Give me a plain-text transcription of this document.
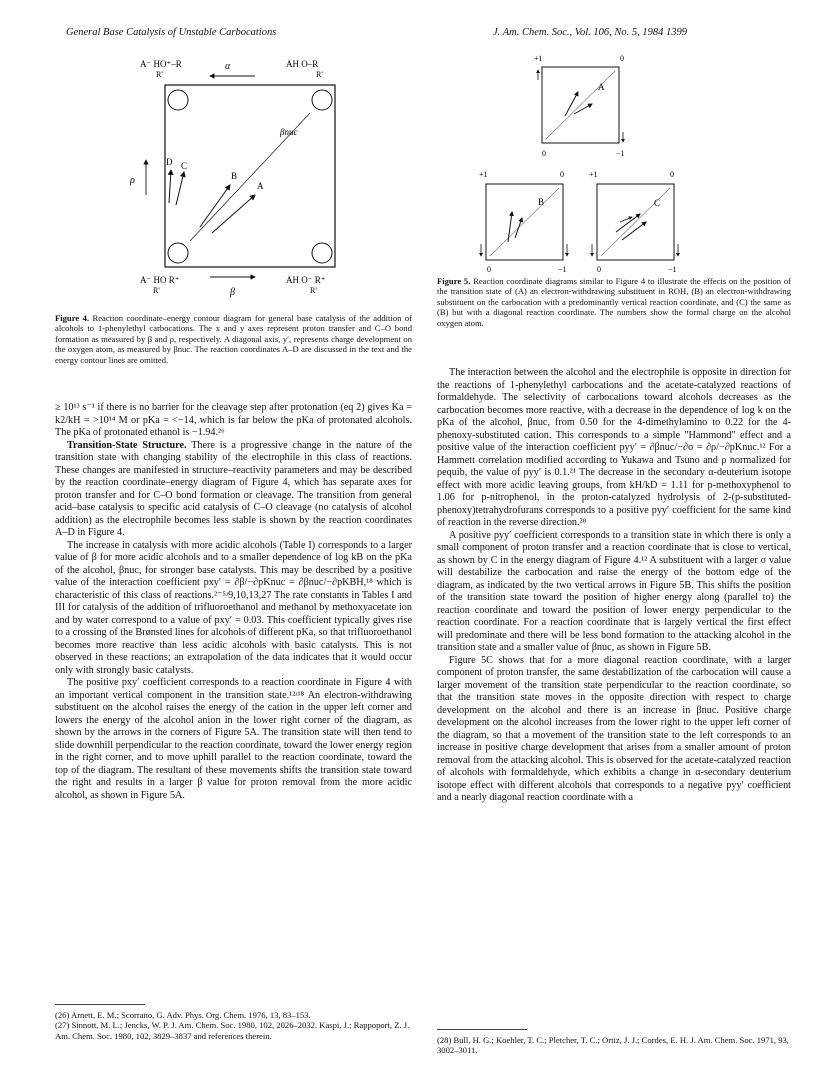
General Base Catalysis of Unstable Carbocations	J. Am. Chem. Soc., Vol. 106, No. 5, 1984 1399
A⁻ HO⁺–R
R'
α	AH O–R
R'
βnuc
ρ
D C
B
A
A⁻ HO R⁺
R'	β
AH O⁻ R⁺
R'
Figure 4. Reaction coordinate–energy contour diagram for general base catalysis of the addition of alcohols to 1-phenylethyl carbocations. The x and y axes represent proton transfer and C–O bond formation as measured by β and ρ, respectively. A diagonal axis, y′, represents charge development on the oxygen atom, as measured by βnuc. The reaction coordinates A–D are discussed in the text and the energy contour lines are omitted.
+1	0
A
0	−1
+1	0
B
0	−1
+1	0
C
0	−1
Figure 5. Reaction coordinate diagrams similar to Figure 4 to illustrate the effects on the position of the transition state of (A) an electron-withdrawing substituent in ROH, (B) an electron-withdrawing substituent on the carbocation with a predominantly vertical reaction coordinate, and (C) the same as (B) but with a diagonal reaction coordinate. The numbers show the formal charge on the alcohol oxygen atom.

≥ 10¹³ s⁻¹ if there is no barrier for the cleavage step after protonation (eq 2) gives Ka = k2/kH = >10¹⁴ M or pKa = <−14, which is far below the pKa of protonated alcohols. The pKa of protonated ethanol is −1.94.²⁶

Transition-State Structure. There is a progressive change in the nature of the transition state with changing stability of the electrophile in this class of reactions. These changes are manifested in structure–reactivity parameters and may be described by the reaction coordinate–energy diagram of Figure 4, which has separate axes for proton transfer and for C–O bond formation or cleavage. The transition from general acid–base catalysis to specific acid catalysis of C–O cleavage (no catalysis of alcohol addition) as the electrophile becomes less stable is shown by the reaction coordinates A–D in Figure 4.

The increase in catalysis with more acidic alcohols (Table I) corresponds to a larger value of β for more acidic alcohols and to a smaller dependence of log kB on the pKa of the alcohol, βnuc, for stronger base catalysts. This may be described by a positive value of the interaction coefficient pxy′ = ∂β/−∂pKnuc = ∂βnuc/−∂pKBH,¹⁸ which is characteristic of this class of reactions.²⁻⁵ʴ9,10,13,27 The rate constants in Tables I and III for catalysis of the addition of trifluoroethanol and methanol by methoxyacetate ion and by water correspond to a value of pxy′ = 0.03. This coefficient typically gives rise to a crossing of the Brønsted lines for alcohols of different pKa, so that trifluoroethanol becomes more reactive than less acidic alcohols with basic catalysts. This is not observed in these reactions; an extrapolation of the data indicates that it would occur only with strongly basic catalysts.

The positive pxy′ coefficient corresponds to a reaction coordinate in Figure 4 with an important vertical component in the transition state.¹²ʴ¹⁸ An electron-withdrawing substituent on the alcohol raises the energy of the cation in the upper left corner and lowers the energy of the alcohol anion in the lower right corner of the diagram, as shown by the arrows in the corners of Figure 5A. The transition state will then tend to slide downhill perpendicular to the reaction coordinate, toward the lower energy region in the right corner, and to move uphill parallel to the reaction coordinate, toward the top of the diagram. The resultant of these movements shifts the transition state toward the right and results in a larger β value for proton removal from the more acidic alcohol, as shown in Figure 5A.

(26) Arnett, E. M.; Scorrano, G. Adv. Phys. Org. Chem. 1976, 13, 83–153.
(27) Sinnott, M. L.; Jencks, W. P. J. Am. Chem. Soc. 1980, 102, 2026–2032. Kaspi, J.; Rappoport, Z. J. Am. Chem. Soc. 1980, 102, 3829–3837 and references therein.

The interaction between the alcohol and the electrophile is opposite in direction for the reactions of 1-phenylethyl carbocations and the acetate-catalyzed reactions of formaldehyde. The selectivity of carbocations toward alcohols decreases as the carbocation becomes more reactive, with a decrease in the dependence of log k on the pKa of the alcohol, βnuc, from 0.50 for the 4-dimethylamino to 0.22 for the 4-phenoxy-substituted cation. This corresponds to a simple "Hammond" effect and a positive value of the interaction coefficient pyy′ = ∂βnuc/−∂σ = ∂ρ/−∂pKnuc.¹² For a Hammett correlation modified according to Yukawa and Tsuno and ρ normalized for ρequib, the value of pyy′ is 0.1.²¹ The decrease in the secondary α-deuterium isotope effect with more acidic leaving groups, from kH/kD = 1.11 for p-methoxyphenol to 1.06 for p-nitrophenol, in the proton-catalyzed hydrolysis of 2-(p-substituted-phenoxy)tetrahydrofurans corresponds to a positive pyy′ coefficient for the same kind of reaction in the reverse direction.²⁸

A positive pyy′ coefficient corresponds to a transition state in which there is only a small component of proton transfer and a reaction coordinate that is close to vertical, as shown by C in the energy diagram of Figure 4.¹² A substituent with a larger σ value will destabilize the carbocation and raise the energy of the bottom edge of the diagram, as indicated by the two vertical arrows in Figure 5B. This shifts the position of the transition state toward the position of higher energy along (parallel to) the reaction coordinate and toward the position of lower energy perpendicular to the reaction coordinate. For a reaction coordinate that is largely vertical the first effect will predominate and there will be less bond formation to the attacking alcohol in the transition state and a smaller value of βnuc, as shown in Figure 5B.

Figure 5C shows that for a more diagonal reaction coordinate, with a larger component of proton transfer, the same destabilization of the carbocation will cause a larger movement of the transition state perpendicular to the reaction coordinate, so that the transition state moves in the opposite direction with respect to charge development on the alcohol and there is an increase in βnuc. Positive charge development on the alcohol increases from the lower right to the upper left corner of the diagram, so that a movement of the transition state to the left corresponds to an increase in positive charge development that arises from a smaller amount of proton removal from the attacking alcohol. This is observed for the acetate-catalyzed reaction of alcohols with formaldehyde, which exhibits a change in α-secondary deuterium isotope effect with different alcohols that corresponds to a negative pyy′ coefficient and a nearly diagonal reaction coordinate with a

(28) Bull, H. G.; Koehler, T. C.; Pletcher, T. C.; Ortiz, J. J.; Cordes, E. H. J. Am. Chem. Soc. 1971, 93, 3002–3011.
